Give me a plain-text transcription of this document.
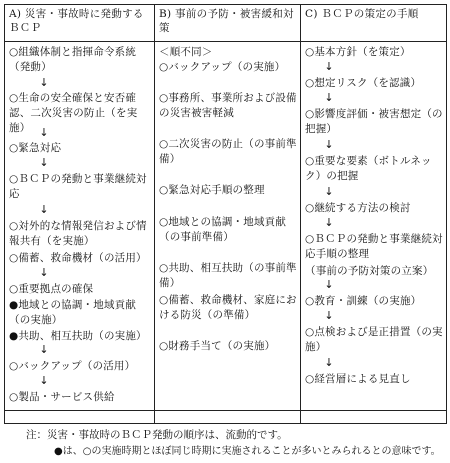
A) 災害・事故時に発動するＢＣＰ
B) 事前の予防・被害緩和対策
C) ＢＣＰの策定の手順
○組織体制と指揮命令系統（発動）
↓
○生命の安全確保と安否確認、二次災害の防止（を実施） ↓
○緊急対応
↓
○ＢＣＰの発動と事業継続対応
↓
○対外的な情報発信および情報共有（を実施）
○備蓄、救命機材（の活用）
↓
○重要拠点の確保
●地域との協調・地域貢献（の実施）
●共助、相互扶助（の実施）
↓
○バックアップ（の活用）
↓
○製品・サービス供給
＜順不同＞
○バックアップ（の実施）
○事務所、事業所および設備の災害被害軽減
○二次災害の防止（の事前準備）
○緊急対応手順の整理
○地域との協調・地域貢献（の事前準備）
○共助、相互扶助（の事前準備）
○備蓄、救命機材、家庭における防災（の準備）
○財務手当て（の実施）
○基本方針（を策定）
↓
○想定リスク（を認識）
↓
○影響度評価・被害想定（の把握）
↓
○重要な要素（ボトルネック）の把握
↓
○継続する方法の検討
↓
○ＢＣＰの発動と事業継続対応手順の整理
（事前の予防対策の立案）
↓
○教育・訓練（の実施）
↓
○点検および是正措置（の実施）
↓
○経営層による見直し
注：災害・事故時のＢＣＰ発動の順序は、流動的です。
●は、○の実施時期とほぼ同じ時期に実施されることが多いとみられるとの意味です。
